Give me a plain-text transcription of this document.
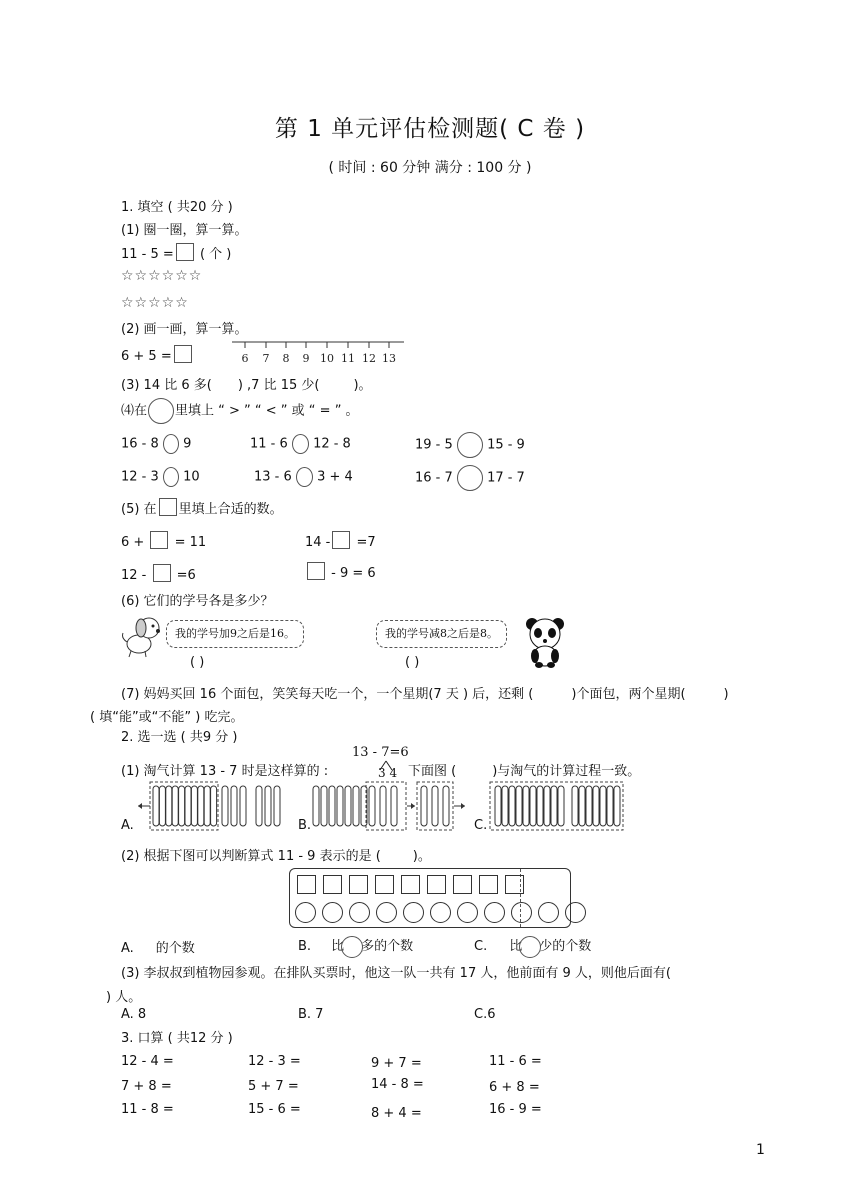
第 1 单元评估检测题( C 卷 )
( 时间 : 60 分钟 满分 : 100 分 )
1. 填空 ( 共20 分 )
(1) 圈一圈，算一算。
11 - 5 = ( 个 )
☆☆☆☆☆☆
☆☆☆☆☆
(2) 画一画，算一算。
6 + 5 =	6 7 8 9 10 11 12 13
(3) 14 比 6 多( ) ,7 比 15 少(	)。
⑷在 里填上 “ > ” “ < ” 或 “ = ” 。
16 - 8 9	11 - 6 12 - 8	19 - 5	15 - 9
12 - 3 10	13 - 6 3 + 4	16 - 7	17 - 7
(5) 在 里填上合适的数。
6 + = 11	14 - =7
12 - =6	- 9 = 6
(6) 它们的学号各是多少？
我的学号加9之后是16。	我的学号减8之后是8。
( )	( )
(7) 妈妈买回 16 个面包，笑笑每天吃一个，一个星期(7 天 ) 后，还剩 (	)个面包，两个星期(	)
( 填“能”或“不能” ) 吃完。
2. 选一选 ( 共9 分 )
(1) 淘气计算 13 - 7 时是这样算的 :
13 - 7=6
3 4 下面图 (	)与淘气的计算过程一致。
A.	B.	C.
(2) 根据下图可以判断算式 11 - 9 表示的是 ( )。
A. 的个数	B. 比 多的个数	C. 比 少的个数
(3) 李叔叔到植物园参观。在排队买票时，他这一队一共有 17 人，他前面有 9 人，则他后面有(
) 人。
A. 8	B. 7	C.6
3. 口算 ( 共12 分 )
12 - 4 =	12 - 3 =	9 + 7 =	11 - 6 =
7 + 8 =	5 + 7 =	14 - 8 =	6 + 8 =
11 - 8 =	15 - 6 =	8 + 4 =	16 - 9 =
1
